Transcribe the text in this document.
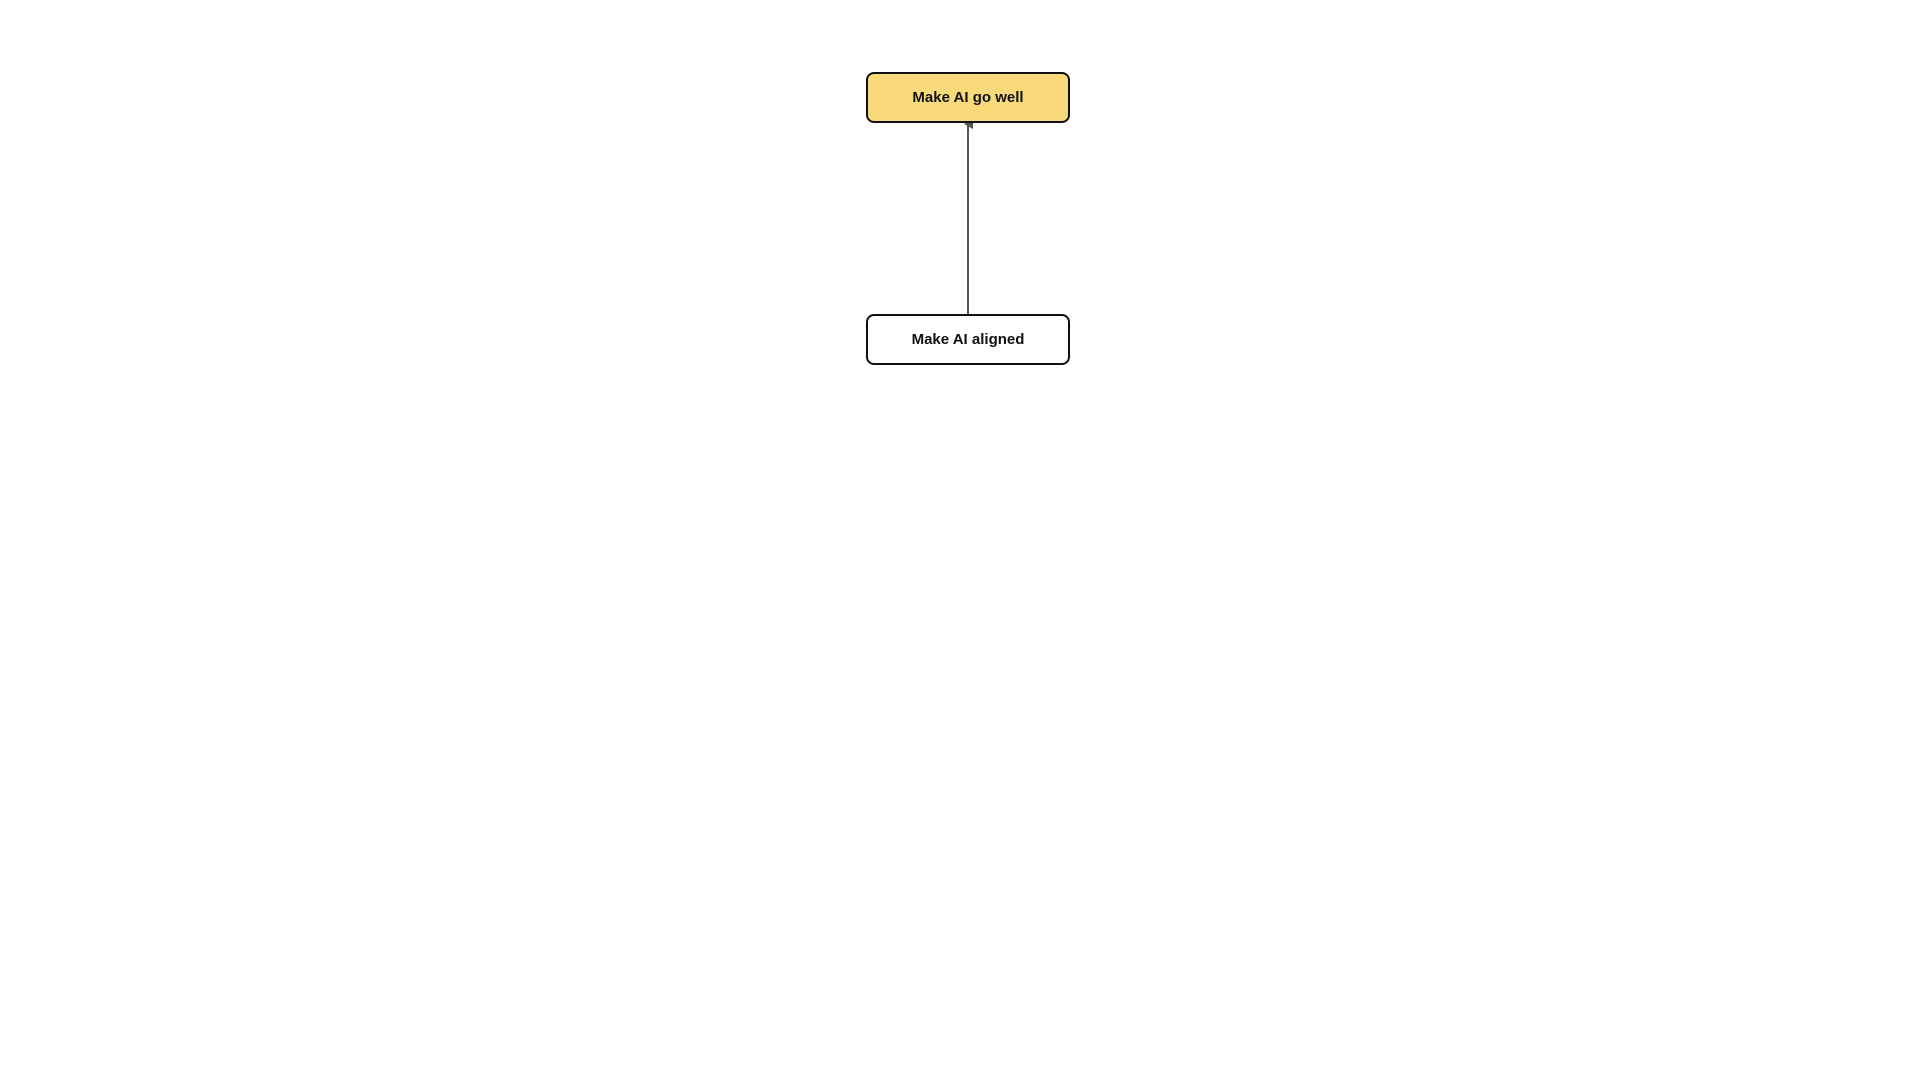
Make AI go well
Make AI aligned
